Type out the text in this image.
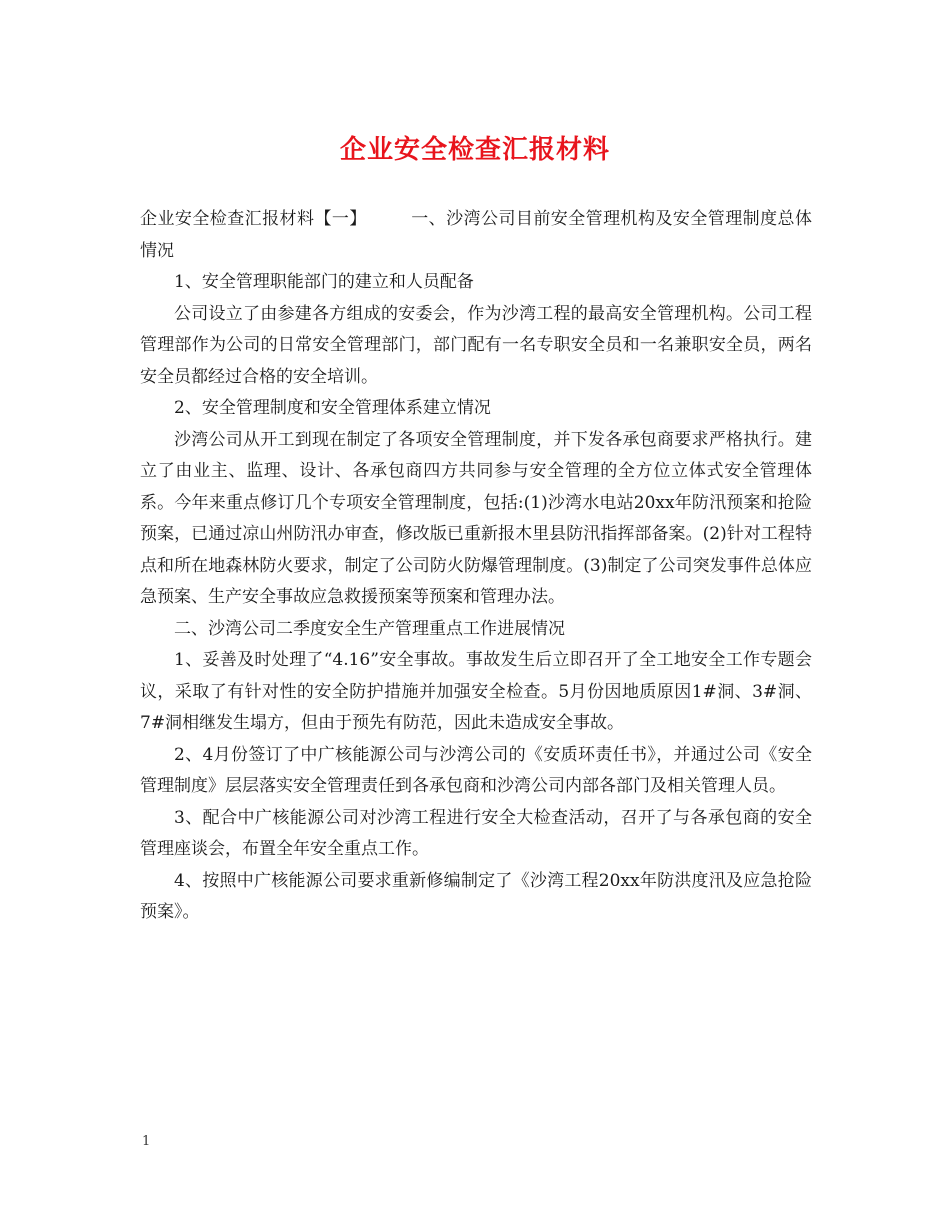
企业安全检查汇报材料

企业安全检查汇报材料【一】	一、沙湾公司目前安全管理机构及安全管理制度总体情况

1、安全管理职能部门的建立和人员配备

公司设立了由参建各方组成的安委会，作为沙湾工程的最高安全管理机构。公司工程管理部作为公司的日常安全管理部门，部门配有一名专职安全员和一名兼职安全员，两名安全员都经过合格的安全培训。

2、安全管理制度和安全管理体系建立情况

沙湾公司从开工到现在制定了各项安全管理制度，并下发各承包商要求严格执行。建立了由业主、监理、设计、各承包商四方共同参与安全管理的全方位立体式安全管理体系。今年来重点修订几个专项安全管理制度，包括:(1)沙湾水电站20xx年防汛预案和抢险预案，已通过凉山州防汛办审查，修改版已重新报木里县防汛指挥部备案。(2)针对工程特点和所在地森林防火要求，制定了公司防火防爆管理制度。(3)制定了公司突发事件总体应急预案、生产安全事故应急救援预案等预案和管理办法。

二、沙湾公司二季度安全生产管理重点工作进展情况

1、妥善及时处理了“4.16”安全事故。事故发生后立即召开了全工地安全工作专题会议，采取了有针对性的安全防护措施并加强安全检查。5月份因地质原因1#洞、3#洞、7#洞相继发生塌方，但由于预先有防范，因此未造成安全事故。

2、4月份签订了中广核能源公司与沙湾公司的《安质环责任书》，并通过公司《安全管理制度》层层落实安全管理责任到各承包商和沙湾公司内部各部门及相关管理人员。

3、配合中广核能源公司对沙湾工程进行安全大检查活动，召开了与各承包商的安全管理座谈会，布置全年安全重点工作。

4、按照中广核能源公司要求重新修编制定了《沙湾工程20xx年防洪度汛及应急抢险预案》。

1
